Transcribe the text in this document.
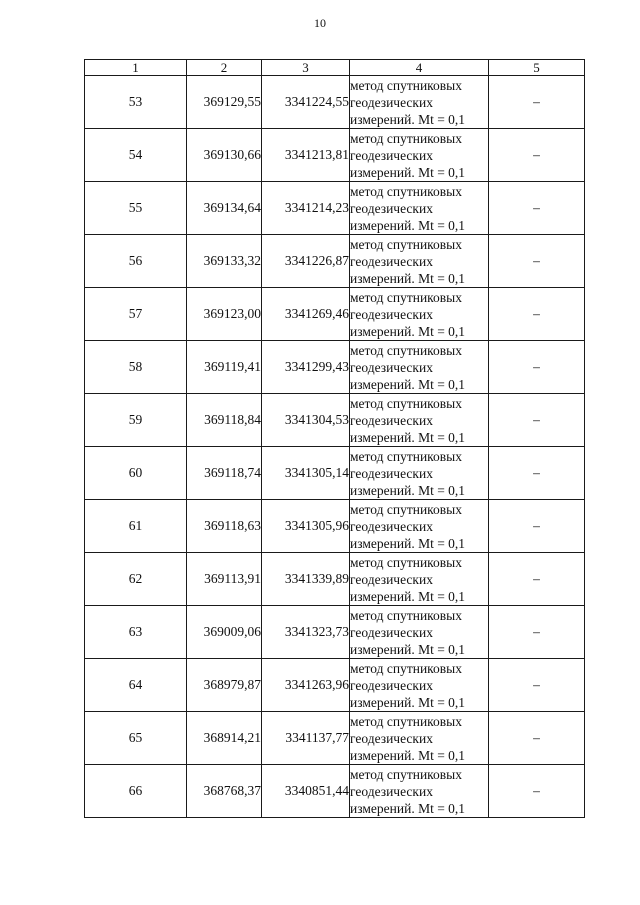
10
1	2	3	4	5
53	369129,55	3341224,55	метод спутниковых
геодезических
измерений. Mt = 0,1	–
54	369130,66	3341213,81	метод спутниковых
геодезических
измерений. Mt = 0,1	–
55	369134,64	3341214,23	метод спутниковых
геодезических
измерений. Mt = 0,1	–
56	369133,32	3341226,87	метод спутниковых
геодезических
измерений. Mt = 0,1	–
57	369123,00	3341269,46	метод спутниковых
геодезических
измерений. Mt = 0,1	–
58	369119,41	3341299,43	метод спутниковых
геодезических
измерений. Mt = 0,1	–
59	369118,84	3341304,53	метод спутниковых
геодезических
измерений. Mt = 0,1	–
60	369118,74	3341305,14	метод спутниковых
геодезических
измерений. Mt = 0,1	–
61	369118,63	3341305,96	метод спутниковых
геодезических
измерений. Mt = 0,1	–
62	369113,91	3341339,89	метод спутниковых
геодезических
измерений. Mt = 0,1	–
63	369009,06	3341323,73	метод спутниковых
геодезических
измерений. Mt = 0,1	–
64	368979,87	3341263,96	метод спутниковых
геодезических
измерений. Mt = 0,1	–
65	368914,21	3341137,77	метод спутниковых
геодезических
измерений. Mt = 0,1	–
66	368768,37	3340851,44	метод спутниковых
геодезических
измерений. Mt = 0,1	–
